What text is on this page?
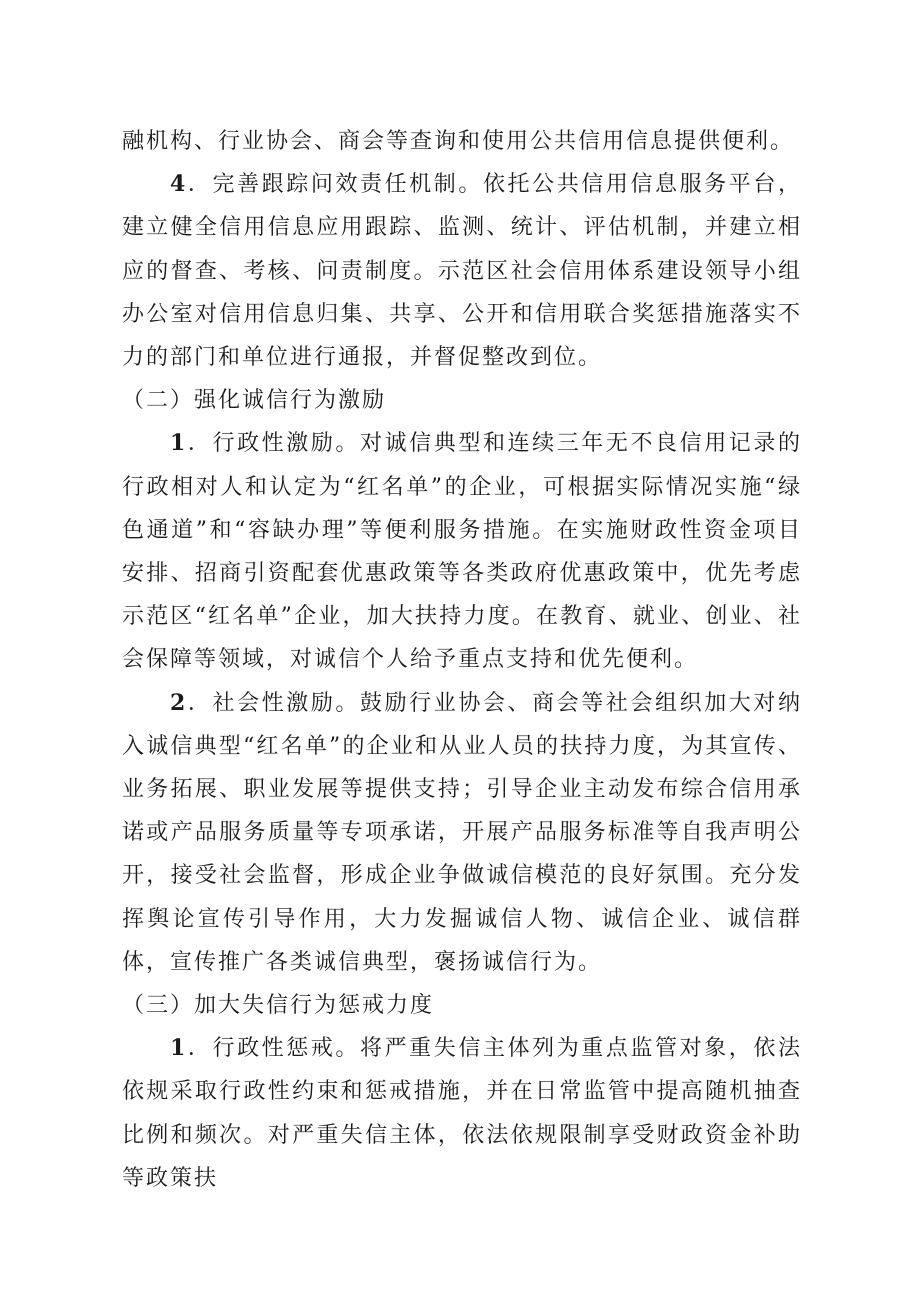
融机构、行业协会、商会等查询和使用公共信用信息提供便利。

4．完善跟踪问效责任机制。依托公共信用信息服务平台，建立健全信用信息应用跟踪、监测、统计、评估机制，并建立相应的督查、考核、问责制度。示范区社会信用体系建设领导小组办公室对信用信息归集、共享、公开和信用联合奖惩措施落实不力的部门和单位进行通报，并督促整改到位。

（二）强化诚信行为激励

1．行政性激励。对诚信典型和连续三年无不良信用记录的行政相对人和认定为“红名单”的企业，可根据实际情况实施“绿色通道”和“容缺办理”等便利服务措施。在实施财政性资金项目安排、招商引资配套优惠政策等各类政府优惠政策中，优先考虑示范区“红名单”企业，加大扶持力度。在教育、就业、创业、社会保障等领域，对诚信个人给予重点支持和优先便利。

2．社会性激励。鼓励行业协会、商会等社会组织加大对纳入诚信典型“红名单”的企业和从业人员的扶持力度，为其宣传、业务拓展、职业发展等提供支持；引导企业主动发布综合信用承诺或产品服务质量等专项承诺，开展产品服务标准等自我声明公开，接受社会监督，形成企业争做诚信模范的良好氛围。充分发挥舆论宣传引导作用，大力发掘诚信人物、诚信企业、诚信群体，宣传推广各类诚信典型，褒扬诚信行为。

（三）加大失信行为惩戒力度

1．行政性惩戒。将严重失信主体列为重点监管对象，依法依规采取行政性约束和惩戒措施，并在日常监管中提高随机抽查比例和频次。对严重失信主体，依法依规限制享受财政资金补助等政策扶
